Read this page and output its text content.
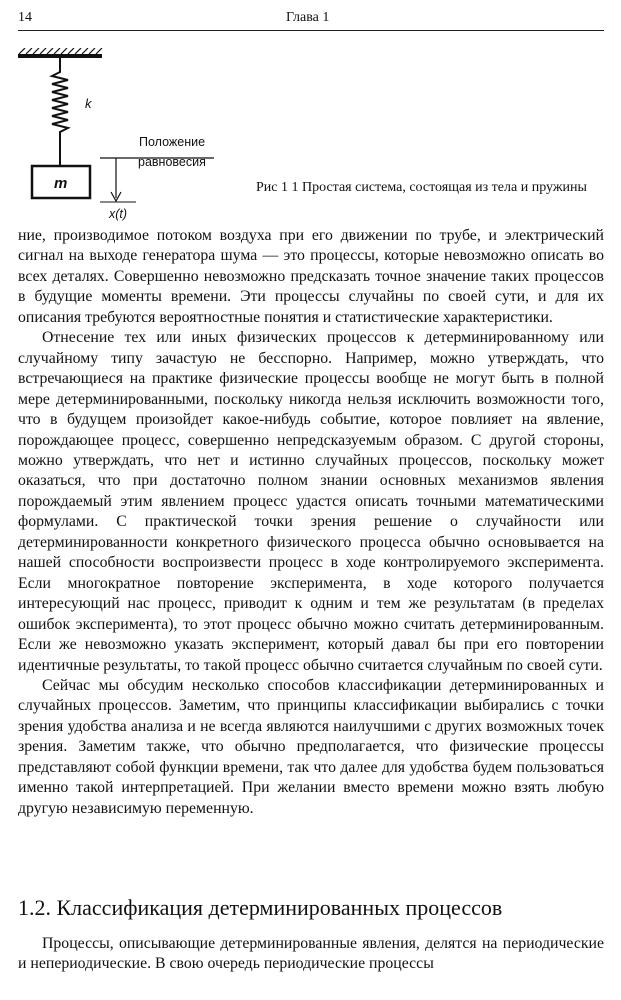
14	Глава 1
k
m
Положение
равновесия
x(t)
Рис 1 1 Простая система, состоящая из тела и пружины

ние, производимое потоком воздуха при его движении по трубе, и электрический сигнал на выходе генератора шума — это процессы, которые невозможно описать во всех деталях. Совершенно невозможно предсказать точное значение таких процессов в будущие моменты времени. Эти процессы случайны по своей сути, и для их описания требуются вероятностные понятия и статистические характеристики.

Отнесение тех или иных физических процессов к детерминированному или случайному типу зачастую не бесспорно. Например, можно утверждать, что встречающиеся на практике физические процессы вообще не могут быть в полной мере детерминированными, поскольку никогда нельзя исключить возможности того, что в будущем произойдет какое-нибудь событие, которое повлияет на явление, порождающее процесс, совершенно непредсказуемым образом. С другой стороны, можно утверждать, что нет и истинно случайных процессов, поскольку может оказаться, что при достаточно полном знании основных механизмов явления порождаемый этим явлением процесс удастся описать точными математическими формулами. С практической точки зрения решение о случайности или детерминированности конкретного физического процесса обычно основывается на нашей способности воспроизвести процесс в ходе контролируемого эксперимента. Если многократное повторение эксперимента, в ходе которого получается интересующий нас процесс, приводит к одним и тем же результатам (в пределах ошибок эксперимента), то этот процесс обычно можно считать детерминированным. Если же невозможно указать эксперимент, который давал бы при его повторении идентичные результаты, то такой процесс обычно считается случайным по своей сути.

Сейчас мы обсудим несколько способов классификации детерминированных и случайных процессов. Заметим, что принципы классификации выбирались с точки зрения удобства анализа и не всегда являются наилучшими с других возможных точек зрения. Заметим также, что обычно предполагается, что физические процессы представляют собой функции времени, так что далее для удобства будем пользоваться именно такой интерпретацией. При желании вместо времени можно взять любую другую независимую переменную.

1.2. Классификация детерминированных процессов

Процессы, описывающие детерминированные явления, делятся на периодические и непериодические. В свою очередь периодические процессы
